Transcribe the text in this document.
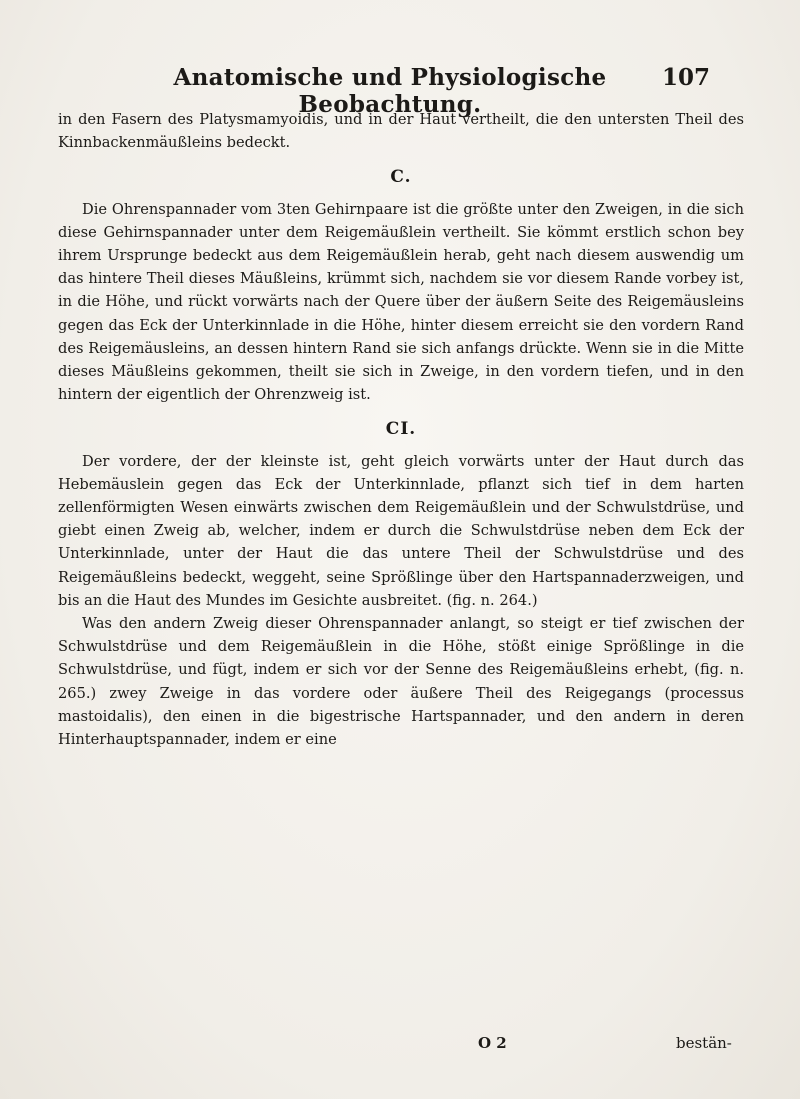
Anatomische und Physiologische Beobachtung.
107

in den Fasern des Platysmamyoidis, und in der Haut vertheilt, die den untersten Theil des Kinnbackenmäußleins bedeckt.

C.

Die Ohrenspannader vom 3ten Gehirnpaare ist die größte unter den Zweigen, in die sich diese Gehirnspannader unter dem Reigemäußlein vertheilt. Sie kömmt erstlich schon bey ihrem Ursprunge bedeckt aus dem Reigemäußlein herab, geht nach diesem auswendig um das hintere Theil dieses Mäußleins, krümmt sich, nachdem sie vor diesem Rande vorbey ist, in die Höhe, und rückt vorwärts nach der Quere über der äußern Seite des Reigemäusleins gegen das Eck der Unterkinnlade in die Höhe, hinter diesem erreicht sie den vordern Rand des Reigemäusleins, an dessen hintern Rand sie sich anfangs drückte. Wenn sie in die Mitte dieses Mäußleins gekommen, theilt sie sich in Zweige, in den vordern tiefen, und in den hintern der eigentlich der Ohrenzweig ist.

CI.

Der vordere, der der kleinste ist, geht gleich vorwärts unter der Haut durch das Hebemäuslein gegen das Eck der Unterkinnlade, pflanzt sich tief in dem harten zellenförmigten Wesen einwärts zwischen dem Reigemäußlein und der Schwulstdrüse, und giebt einen Zweig ab, welcher, indem er durch die Schwulstdrüse neben dem Eck der Unterkinnlade, unter der Haut die das untere Theil der Schwulstdrüse und des Reigemäußleins bedeckt, weggeht, seine Sprößlinge über den Hartspannaderzweigen, und bis an die Haut des Mundes im Gesichte ausbreitet. (fig. n. 264.)

Was den andern Zweig dieser Ohrenspannader anlangt, so steigt er tief zwischen der Schwulstdrüse und dem Reigemäußlein in die Höhe, stößt einige Sprößlinge in die Schwulstdrüse, und fügt, indem er sich vor der Senne des Reigemäußleins erhebt, (fig. n. 265.) zwey Zweige in das vordere oder äußere Theil des Reigegangs (processus mastoidalis), den einen in die bigestrische Hartspannader, und den andern in deren Hinterhauptspannader, indem er eine

O 2	bestän-
